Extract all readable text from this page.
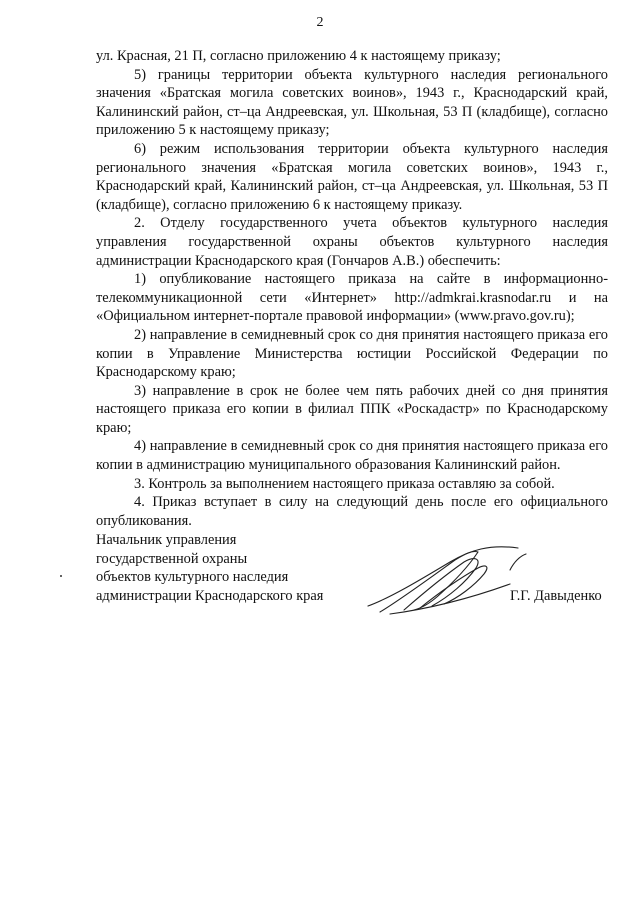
2

ул. Красная, 21 П, согласно приложению 4 к настоящему приказу;

5) границы территории объекта культурного наследия регионального значения «Братская могила советских воинов», 1943 г., Краснодарский край, Калининский район, ст–ца Андреевская, ул. Школьная, 53 П (кладбище), согласно приложению 5 к настоящему приказу;

6) режим использования территории объекта культурного наследия регионального значения «Братская могила советских воинов», 1943 г., Краснодарский край, Калининский район, ст–ца Андреевская, ул. Школьная, 53 П (кладбище), согласно приложению 6 к настоящему приказу.

2. Отделу государственного учета объектов культурного наследия управления государственной охраны объектов культурного наследия администрации Краснодарского края (Гончаров А.В.) обеспечить:

1) опубликование настоящего приказа на сайте в информационно-телекоммуникационной сети «Интернет» http://admkrai.krasnodar.ru и на «Официальном интернет-портале правовой информации» (www.pravo.gov.ru);

2) направление в семидневный срок со дня принятия настоящего приказа его копии в Управление Министерства юстиции Российской Федерации по Краснодарскому краю;

3) направление в срок не более чем пять рабочих дней со дня принятия настоящего приказа его копии в филиал ППК «Роскадастр» по Краснодарскому краю;

4) направление в семидневный срок со дня принятия настоящего приказа его копии в администрацию муниципального образования Калининский район.

3. Контроль за выполнением настоящего приказа оставляю за собой.

4. Приказ вступает в силу на следующий день после его официального опубликования.

Начальник управления
государственной охраны
объектов культурного наследия
администрации Краснодарского края	Г.Г. Давыденко
